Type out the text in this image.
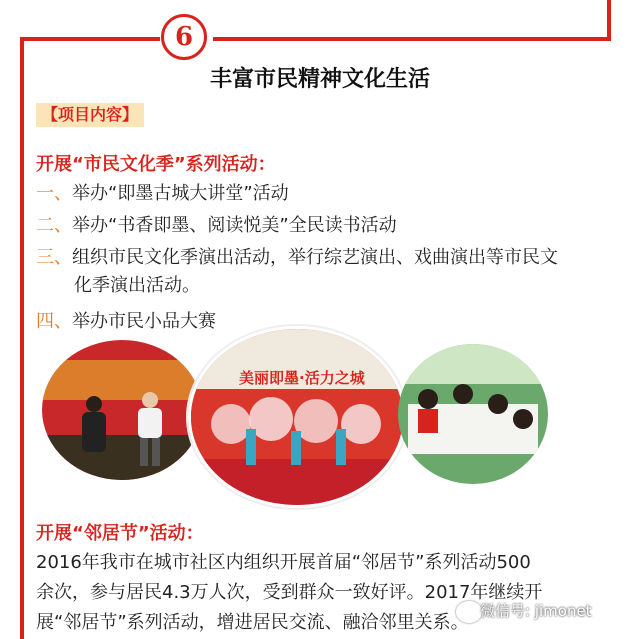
6
丰富市民精神文化生活
【项目内容】
开展“市民文化季”系列活动：
一、举办“即墨古城大讲堂”活动
二、举办“书香即墨、阅读悦美”全民读书活动
三、组织市民文化季演出活动，举行综艺演出、戏曲演出等市民文
化季演出活动。
四、举办市民小品大赛
美丽即墨·活力之城
开展“邻居节”活动：
2016年我市在城市社区内组织开展首届“邻居节”系列活动500
余次，参与居民4.3万人次，受到群众一致好评。2017年继续开
展“邻居节”系列活动，增进居民交流、融洽邻里关系。
微信号: jimonet
